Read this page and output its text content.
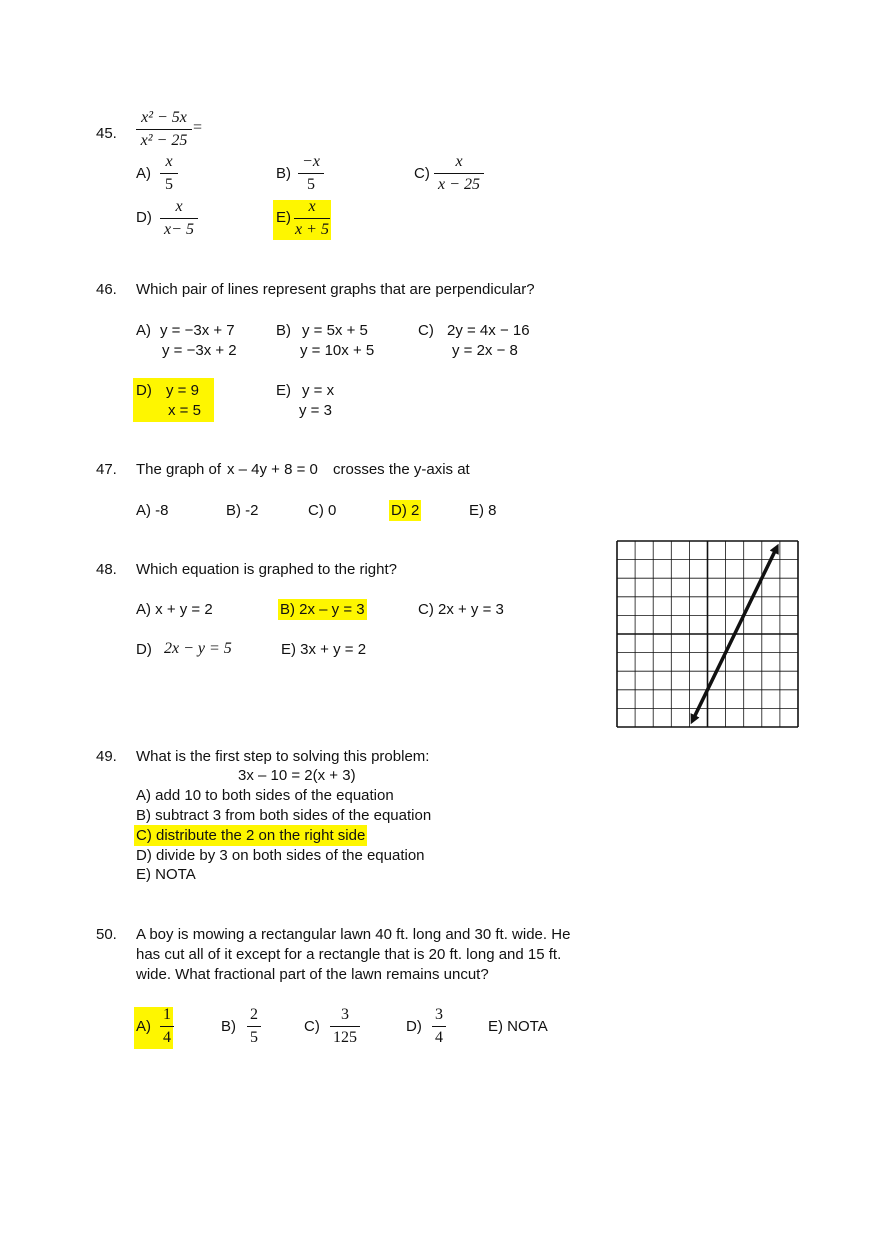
45.
x² − 5x
x² − 25
=
A)
x
5
B)
−x
5
C)
x
x − 25
D)
x
x− 5
E)
x
x + 5
46. Which pair of lines represent graphs that are perpendicular?
A) y = −3x + 7
y = −3x + 2
B) y = 5x + 5
y = 10x + 5
C) 2y = 4x − 16
y = 2x − 8
D) y = 9
x = 5
E) y = x
y = 3
47. The graph of x – 4y + 8 = 0 crosses the y-axis at
A) -8	B) -2	C) 0	D) 2	E) 8
48. Which equation is graphed to the right?
A) x + y = 2	B) 2x – y = 3	C) 2x + y = 3
D) 2x − y = 5	E) 3x + y = 2
49. What is the first step to solving this problem:
3x – 10 = 2(x + 3)
A) add 10 to both sides of the equation
B) subtract 3 from both sides of the equation
C) distribute the 2 on the right side
D) divide by 3 on both sides of the equation
E) NOTA
50. A boy is mowing a rectangular lawn 40 ft. long and 30 ft. wide. He
has cut all of it except for a rectangle that is 20 ft. long and 15 ft.
wide. What fractional part of the lawn remains uncut?
A)
1
4
B)
2
5
C)
3
125
D)
3
4
E) NOTA
